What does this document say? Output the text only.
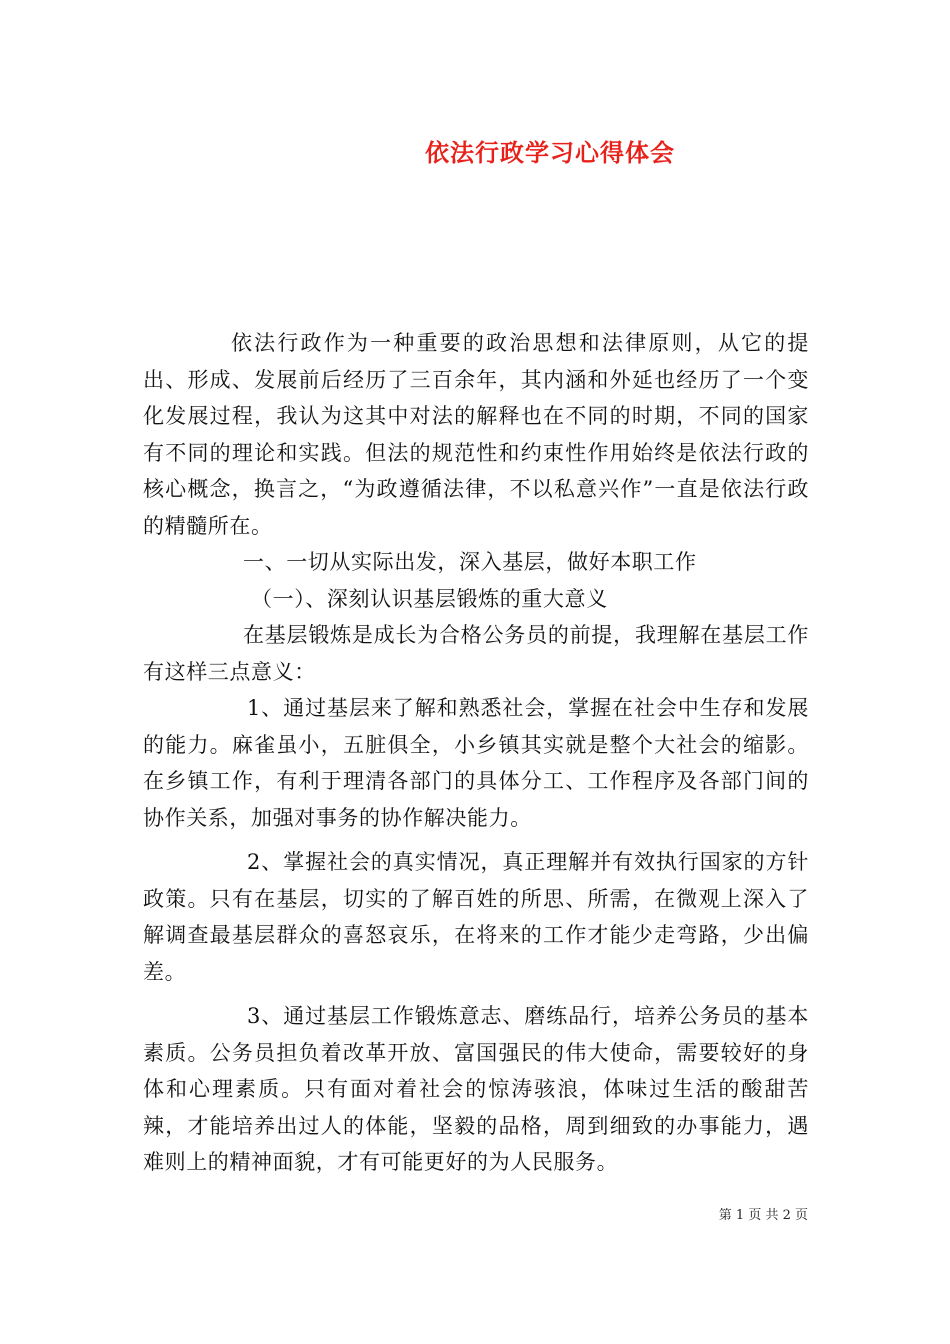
依法行政学习心得体会

依法行政作为一种重要的政治思想和法律原则，从它的提出、形成、发展前后经历了三百余年，其内涵和外延也经历了一个变化发展过程，我认为这其中对法的解释也在不同的时期，不同的国家有不同的理论和实践。但法的规范性和约束性作用始终是依法行政的核心概念，换言之，“为政遵循法律，不以私意兴作”一直是依法行政的精髓所在。

一、一切从实际出发，深入基层，做好本职工作

（一）、深刻认识基层锻炼的重大意义

在基层锻炼是成长为合格公务员的前提，我理解在基层工作有这样三点意义：

1、通过基层来了解和熟悉社会，掌握在社会中生存和发展的能力。麻雀虽小，五脏俱全，小乡镇其实就是整个大社会的缩影。在乡镇工作，有利于理清各部门的具体分工、工作程序及各部门间的协作关系，加强对事务的协作解决能力。

2、掌握社会的真实情况，真正理解并有效执行国家的方针政策。只有在基层，切实的了解百姓的所思、所需，在微观上深入了解调查最基层群众的喜怒哀乐，在将来的工作才能少走弯路，少出偏差。

3、通过基层工作锻炼意志、磨练品行，培养公务员的基本素质。公务员担负着改革开放、富国强民的伟大使命，需要较好的身体和心理素质。只有面对着社会的惊涛骇浪，体味过生活的酸甜苦辣，才能培养出过人的体能，坚毅的品格，周到细致的办事能力，遇难则上的精神面貌，才有可能更好的为人民服务。

第 1 页 共 2 页
